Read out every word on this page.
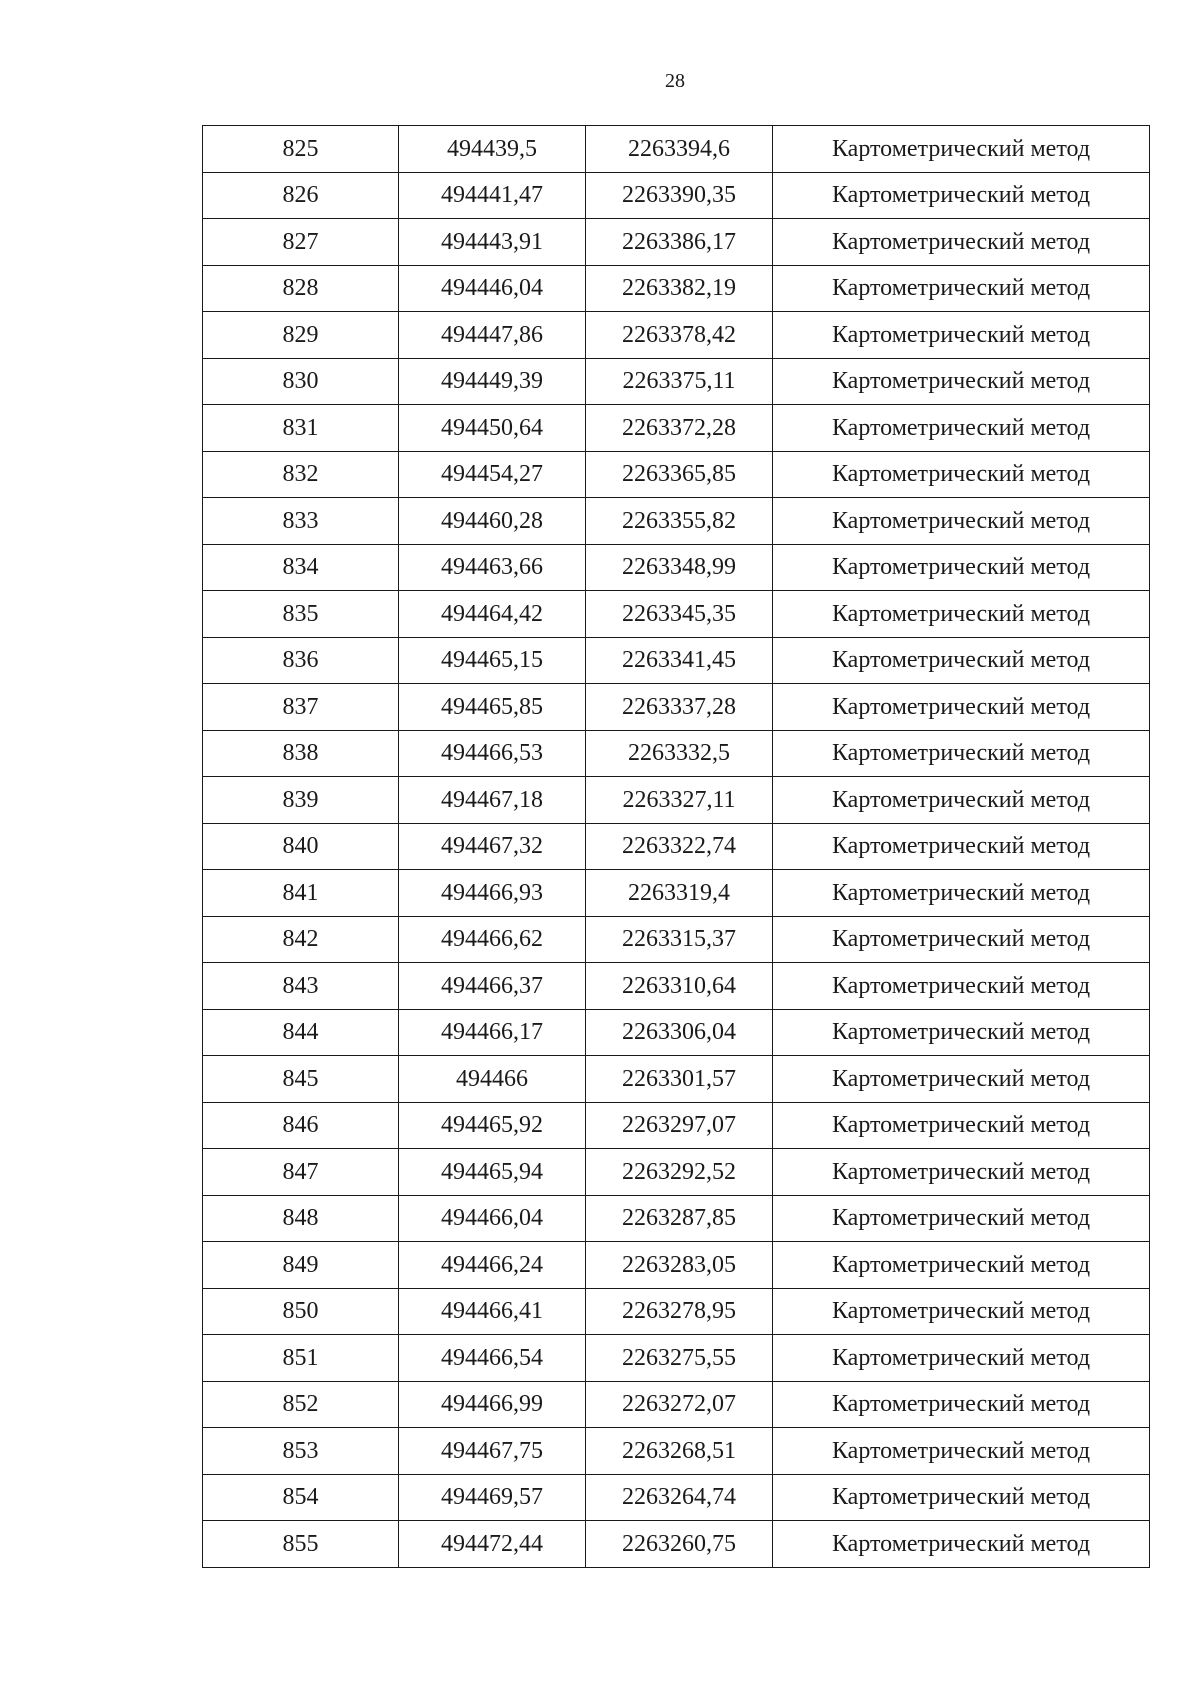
28
825	494439,5	2263394,6	Картометрический метод
826	494441,47	2263390,35	Картометрический метод
827	494443,91	2263386,17	Картометрический метод
828	494446,04	2263382,19	Картометрический метод
829	494447,86	2263378,42	Картометрический метод
830	494449,39	2263375,11	Картометрический метод
831	494450,64	2263372,28	Картометрический метод
832	494454,27	2263365,85	Картометрический метод
833	494460,28	2263355,82	Картометрический метод
834	494463,66	2263348,99	Картометрический метод
835	494464,42	2263345,35	Картометрический метод
836	494465,15	2263341,45	Картометрический метод
837	494465,85	2263337,28	Картометрический метод
838	494466,53	2263332,5	Картометрический метод
839	494467,18	2263327,11	Картометрический метод
840	494467,32	2263322,74	Картометрический метод
841	494466,93	2263319,4	Картометрический метод
842	494466,62	2263315,37	Картометрический метод
843	494466,37	2263310,64	Картометрический метод
844	494466,17	2263306,04	Картометрический метод
845	494466	2263301,57	Картометрический метод
846	494465,92	2263297,07	Картометрический метод
847	494465,94	2263292,52	Картометрический метод
848	494466,04	2263287,85	Картометрический метод
849	494466,24	2263283,05	Картометрический метод
850	494466,41	2263278,95	Картометрический метод
851	494466,54	2263275,55	Картометрический метод
852	494466,99	2263272,07	Картометрический метод
853	494467,75	2263268,51	Картометрический метод
854	494469,57	2263264,74	Картометрический метод
855	494472,44	2263260,75	Картометрический метод
